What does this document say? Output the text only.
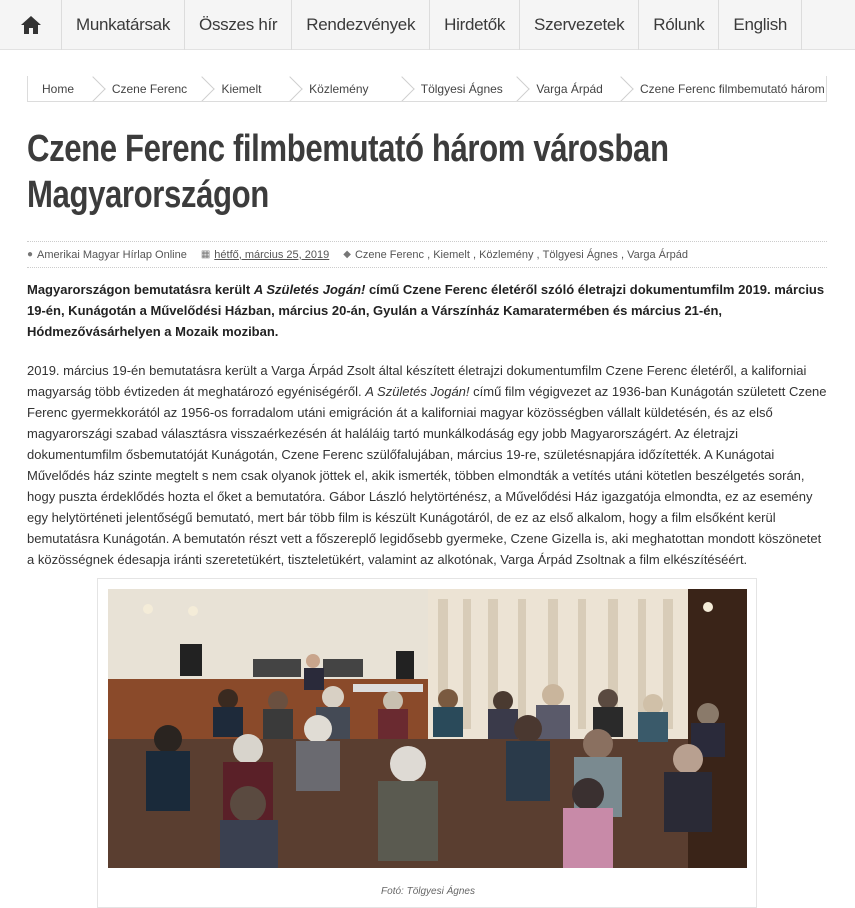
Munkatársak	Összes hír	Rendezvények	Hirdetők	Szervezetek	Rólunk	English
Home	Czene Ferenc	Kiemelt	Közlemény	Tölgyesi Ágnes	Varga Árpád	Czene Ferenc filmbemutató három
Czene Ferenc filmbemutató három városban Magyarországon
● Amerikai Magyar Hírlap Online ▦ hétfő, március 25, 2019 ◆ Czene Ferenc , Kiemelt , Közlemény , Tölgyesi Ágnes , Varga Árpád

Magyarországon bemutatásra került A Születés Jogán! című Czene Ferenc életéről szóló életrajzi dokumentumfilm 2019. március 19-én, Kunágotán a Művelődési Házban, március 20-án, Gyulán a Várszínház Kamaratermében és március 21-én, Hódmezővásárhelyen a Mozaik moziban.

2019. március 19-én bemutatásra került a Varga Árpád Zsolt által készített életrajzi dokumentumfilm Czene Ferenc életéről, a kaliforniai magyarság több évtizeden át meghatározó egyéniségéről. A Születés Jogán! című film végigvezet az 1936-ban Kunágotán született Czene Ferenc gyermekkorától az 1956-os forradalom utáni emigráción át a kaliforniai magyar közösségben vállalt küldetésén, és az első magyarországi szabad választásra visszaérkezésén át haláláig tartó munkálkodáság egy jobb Magyarországért. Az életrajzi dokumentumfilm ősbemutatóját Kunágotán, Czene Ferenc szülőfalujában, március 19-re, születésnapjára időzítették. A Kunágotai Művelődés ház szinte megtelt s nem csak olyanok jöttek el, akik ismerték, többen elmondták a vetítés utáni kötetlen beszélgetés során, hogy puszta érdeklődés hozta el őket a bemutatóra. Gábor László helytörténész, a Művelődési Ház igazgatója elmondta, ez az esemény egy helytörténeti jelentőségű bemutató, mert bár több film is készült Kunágotáról, de ez az első alkalom, hogy a film elsőként kerül bemutatásra Kunágotán. A bemutatón részt vett a főszereplő legidősebb gyermeke, Czene Gizella is, aki meghatottan mondott köszönetet a közösségnek édesapja iránti szeretetükért, tiszteletükért, valamint az alkotónak, Varga Árpád Zsoltnak a film elkészítéséért.

Fotó: Tölgyesi Ágnes
